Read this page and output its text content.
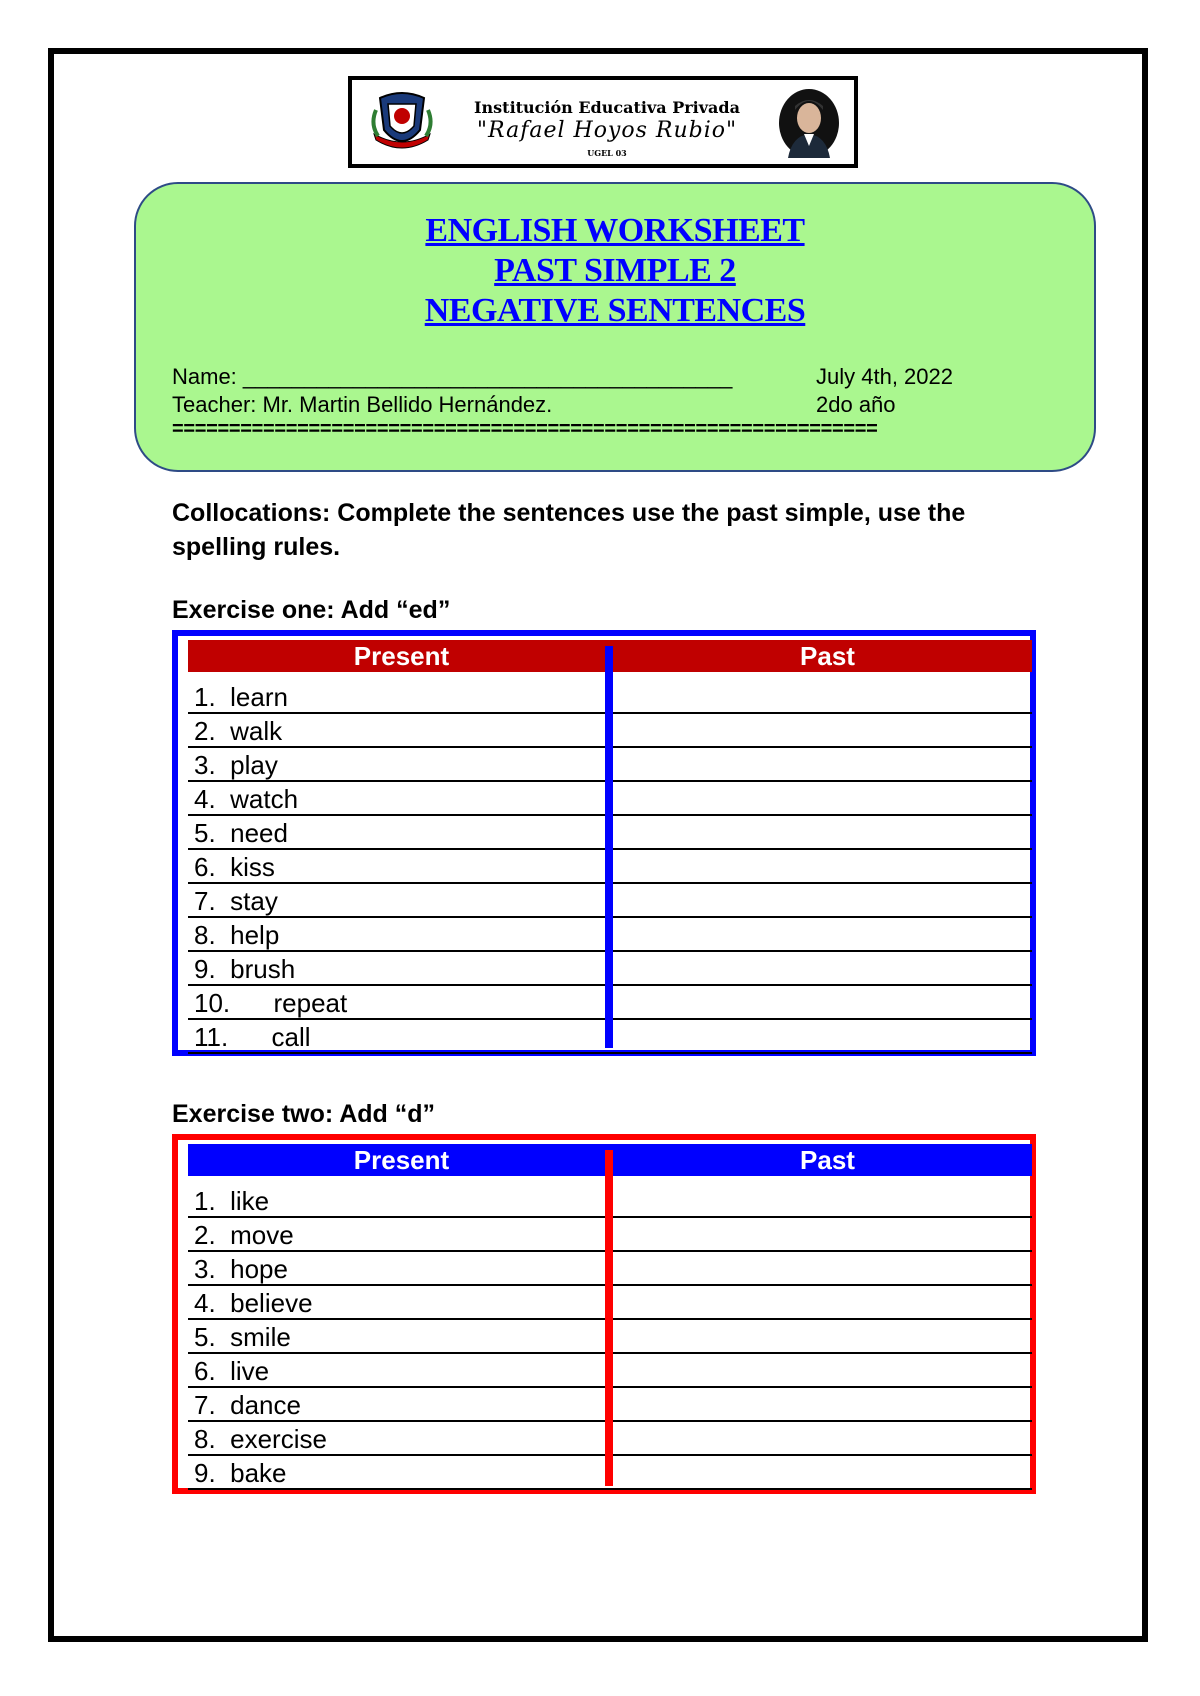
Institución Educativa Privada
"Rafael Hoyos Rubio"
UGEL 03
ENGLISH WORKSHEET
PAST SIMPLE 2
NEGATIVE SENTENCES
Name: ________________________________________	July 4th, 2022
Teacher: Mr. Martin Bellido Hernández.	2do año
==============================================================
Collocations: Complete the sentences use the past simple, use the spelling rules.
Exercise one: Add “ed”
Present	Past
1.  learn
2.  walk
3.  play
4.  watch
5.  need
6.  kiss
7.  stay
8.  help
9.  brush
10.      repeat
11.      call
Exercise two: Add “d”
Present	Past
1.  like
2.  move
3.  hope
4.  believe
5.  smile
6.  live
7.  dance
8.  exercise
9.  bake
